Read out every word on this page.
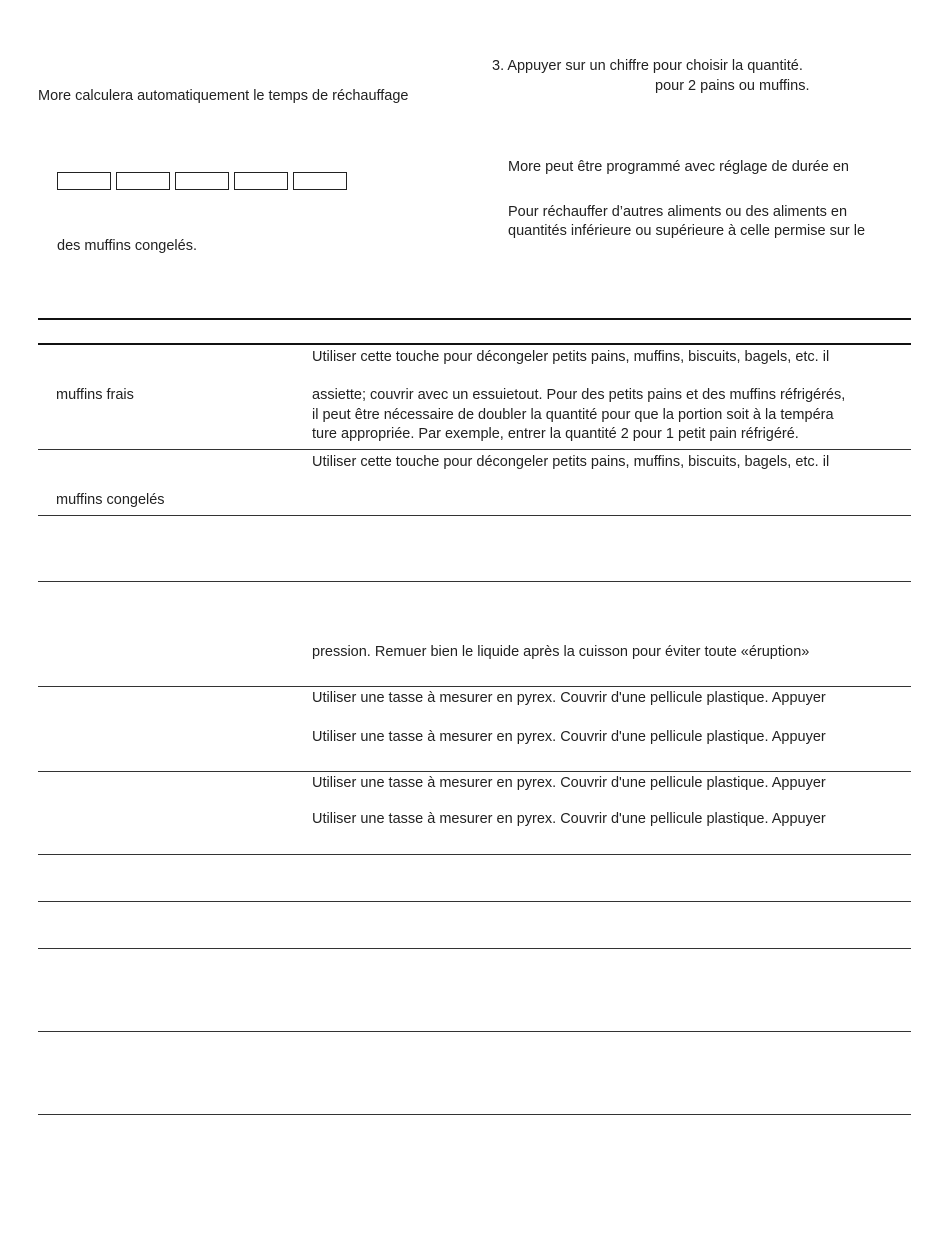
More calculera automatiquement le temps de réchauffage
des muffins congelés.
3. Appuyer sur un chiffre pour choisir la quantité.
pour 2 pains ou muffins.
More peut être programmé avec réglage de durée en
Pour réchauffer d’autres aliments ou des aliments en
quantités inférieure ou supérieure à celle permise sur le
muffins frais
Utiliser cette touche pour décongeler petits pains, muffins, biscuits, bagels, etc. il
assiette; couvrir avec un essuietout. Pour des petits pains et des muffins réfrigérés,
il peut être nécessaire de doubler la quantité pour que la portion soit à la tempéra
ture appropriée. Par exemple, entrer la quantité 2 pour 1 petit pain réfrigéré.
muffins congelés
Utiliser cette touche pour décongeler petits pains, muffins, biscuits, bagels, etc. il
pression. Remuer bien le liquide après la cuisson pour éviter toute «éruption»
Utiliser une tasse à mesurer en pyrex. Couvrir d'une pellicule plastique. Appuyer
Utiliser une tasse à mesurer en pyrex. Couvrir d'une pellicule plastique. Appuyer
Utiliser une tasse à mesurer en pyrex. Couvrir d'une pellicule plastique. Appuyer
Utiliser une tasse à mesurer en pyrex. Couvrir d'une pellicule plastique. Appuyer
